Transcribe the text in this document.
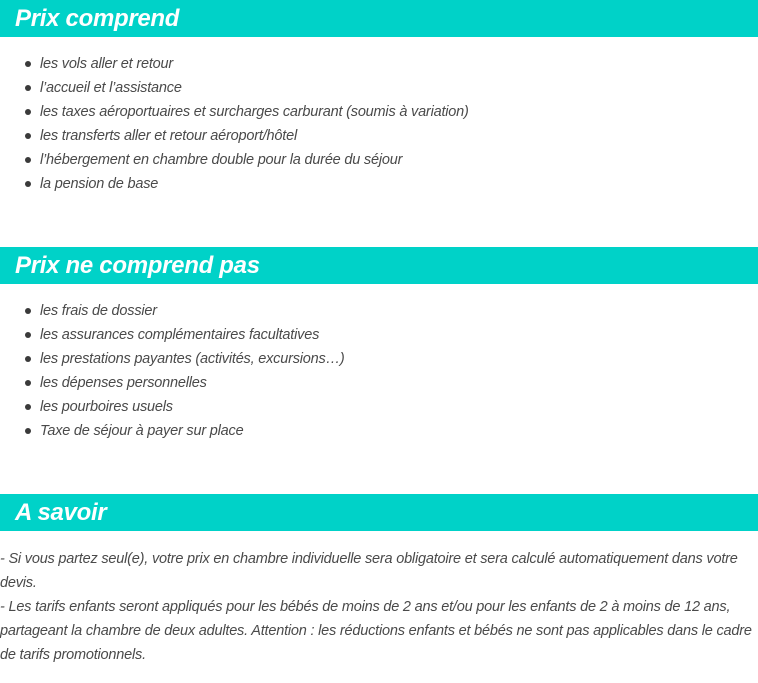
Prix comprend
les vols aller et retour
l’accueil et l’assistance
les taxes aéroportuaires et surcharges carburant (soumis à variation)
les transferts aller et retour aéroport/hôtel
l’hébergement en chambre double pour la durée du séjour
la pension de base
Prix ne comprend pas
les frais de dossier
les assurances complémentaires facultatives
les prestations payantes (activités, excursions…)
les dépenses personnelles
les pourboires usuels
Taxe de séjour à payer sur place
A savoir

- Si vous partez seul(e), votre prix en chambre individuelle sera obligatoire et sera calculé automatiquement dans votre devis.

- Les tarifs enfants seront appliqués pour les bébés de moins de 2 ans et/ou pour les enfants de 2 à moins de 12 ans, partageant la chambre de deux adultes. Attention : les réductions enfants et bébés ne sont pas applicables dans le cadre de tarifs promotionnels.
